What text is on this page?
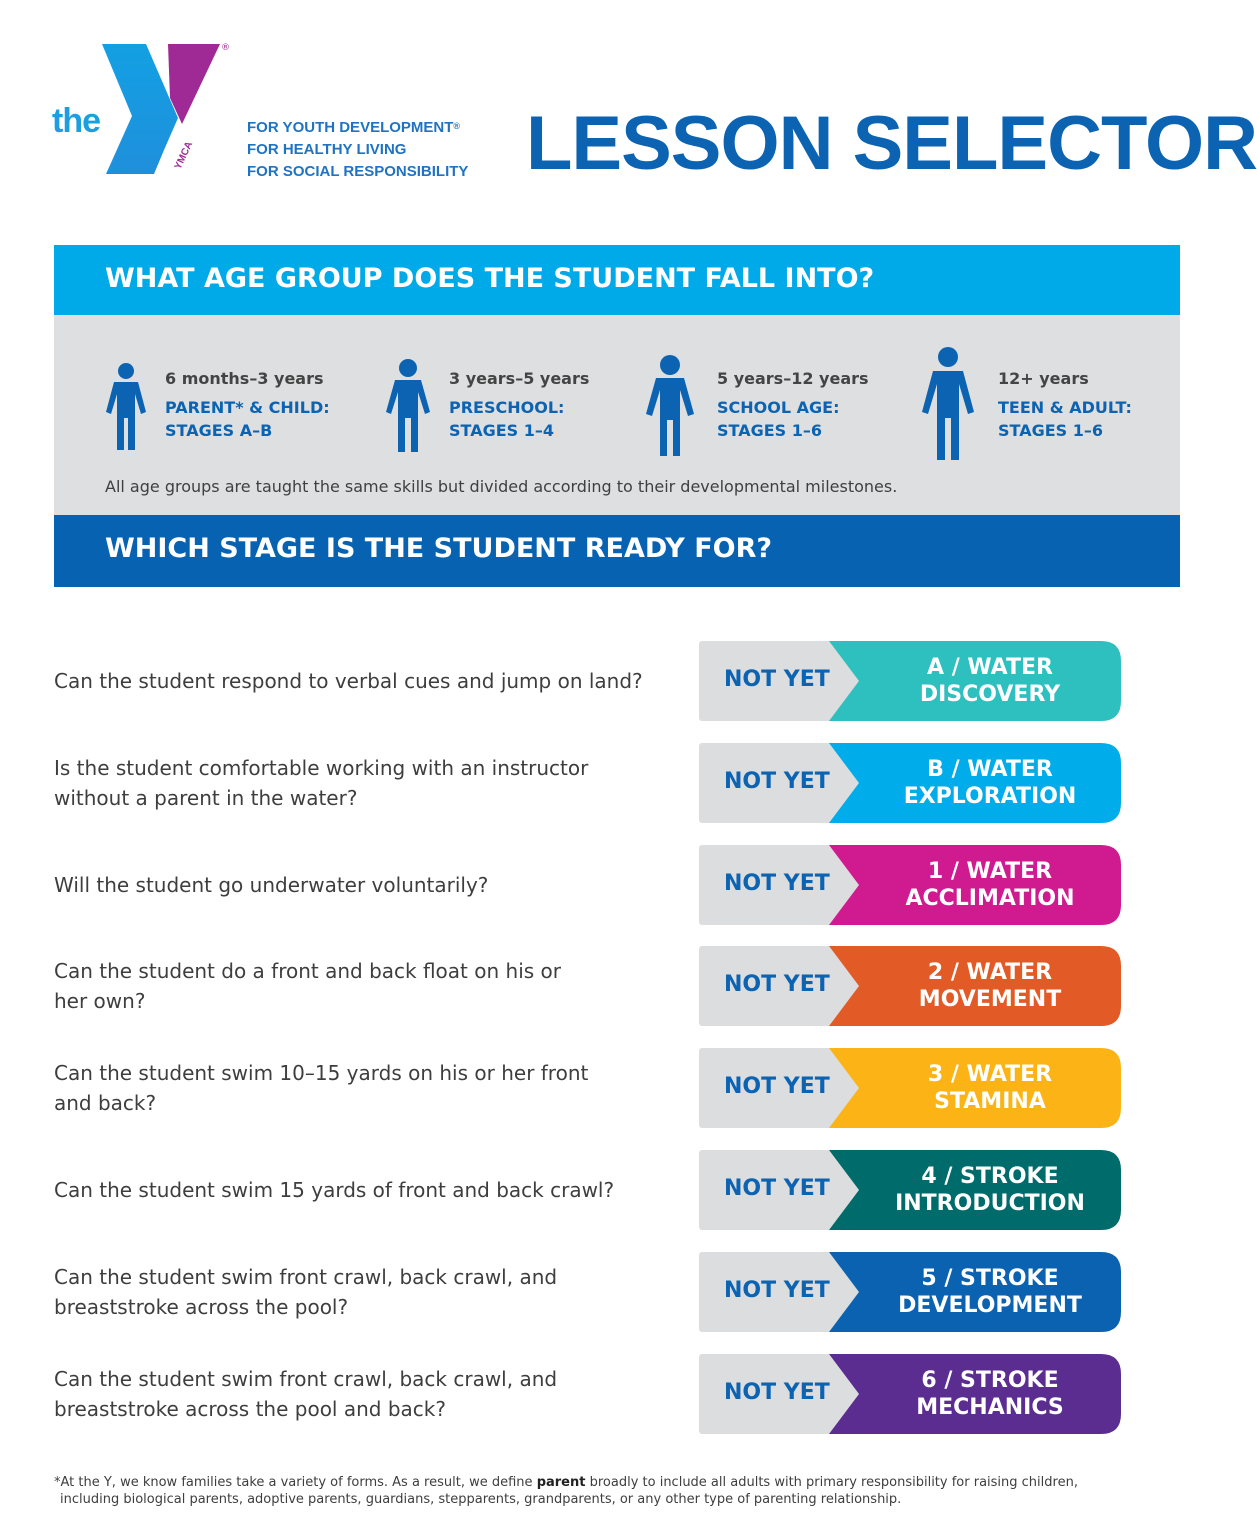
the
YMCA
®
FOR YOUTH DEVELOPMENT®
FOR HEALTHY LIVING
FOR SOCIAL RESPONSIBILITY LESSON SELECTOR
WHAT AGE GROUP DOES THE STUDENT FALL INTO?
6 months–3 years
PARENT* & CHILD:
STAGES A–B
3 years–5 years
PRESCHOOL:
STAGES 1–4
5 years–12 years
SCHOOL AGE:
STAGES 1–6
12+ years
TEEN & ADULT:
STAGES 1–6
All age groups are taught the same skills but divided according to their developmental milestones.
WHICH STAGE IS THE STUDENT READY FOR?
Can the student respond to verbal cues and jump on land?	NOT YET	A / WATER
DISCOVERY
Is the student comfortable working with an instructor
without a parent in the water?
NOT YET	B / WATER
EXPLORATION
Will the student go underwater voluntarily?	NOT YET	1 / WATER
ACCLIMATION
Can the student do a front and back float on his or
her own?
NOT YET	2 / WATER
MOVEMENT
Can the student swim 10–15 yards on his or her front
and back?
NOT YET	3 / WATER
STAMINA
Can the student swim 15 yards of front and back crawl?	NOT YET	4 / STROKE
INTRODUCTION
Can the student swim front crawl, back crawl, and
breaststroke across the pool?
NOT YET	5 / STROKE
DEVELOPMENT
Can the student swim front crawl, back crawl, and
breaststroke across the pool and back?
NOT YET	6 / STROKE
MECHANICS
*At the Y, we know families take a variety of forms. As a result, we define parent broadly to include all adults with primary responsibility for raising children,
including biological parents, adoptive parents, guardians, stepparents, grandparents, or any other type of parenting relationship.
